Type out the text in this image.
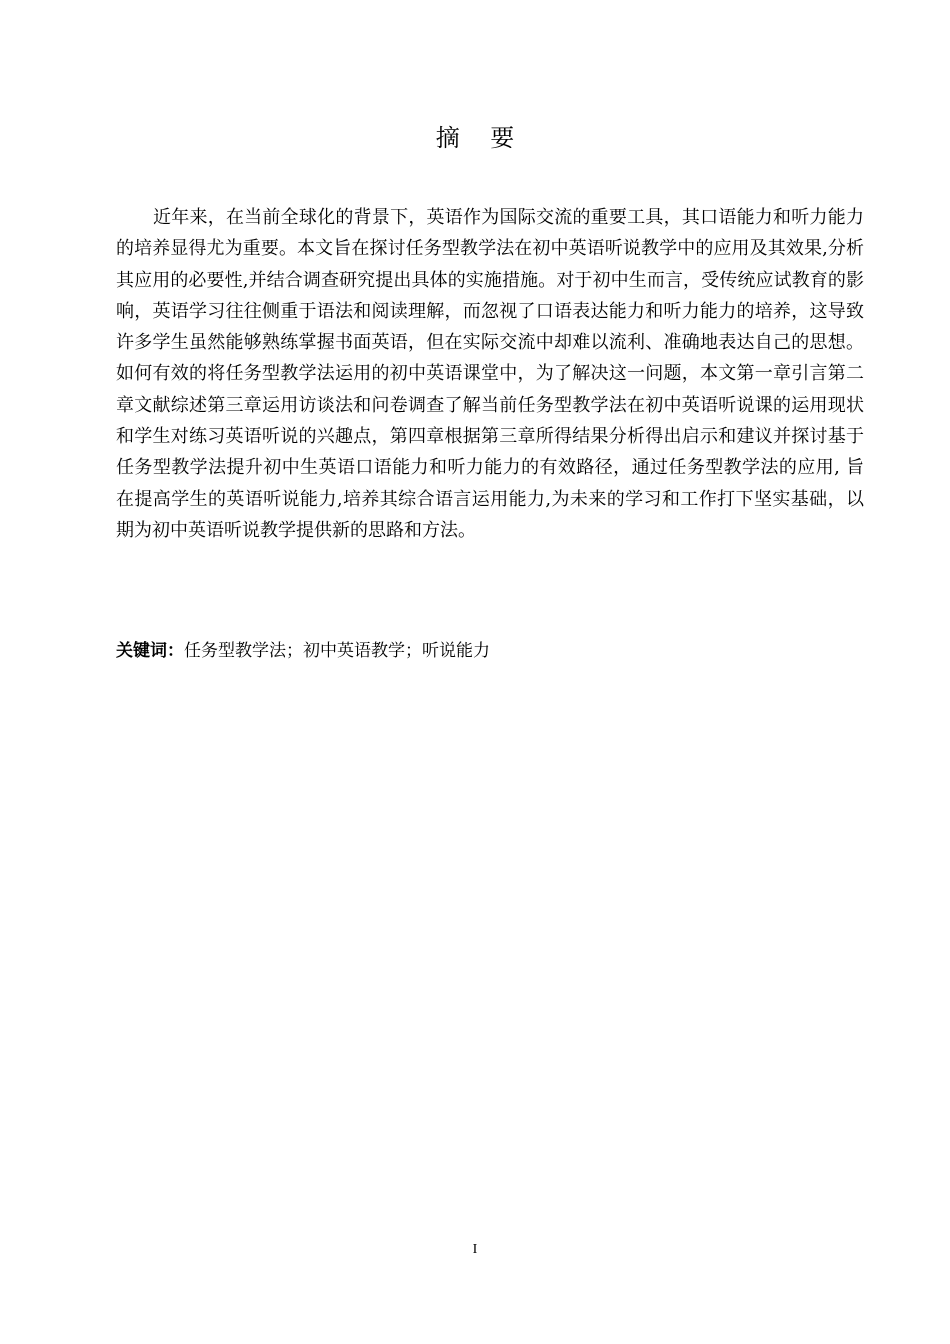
摘    要

近年来，在当前全球化的背景下，英语作为国际交流的重要工具，其口语能力和听力能力的培养显得尤为重要。本文旨在探讨任务型教学法在初中英语听说教学中的应用及其效果,分析其应用的必要性,并结合调查研究提出具体的实施措施。对于初中生而言，受传统应试教育的影响，英语学习往往侧重于语法和阅读理解，而忽视了口语表达能力和听力能力的培养，这导致许多学生虽然能够熟练掌握书面英语，但在实际交流中却难以流利、准确地表达自己的思想。如何有效的将任务型教学法运用的初中英语课堂中，为了解决这一问题，本文第一章引言第二章文献综述第三章运用访谈法和问卷调查了解当前任务型教学法在初中英语听说课的运用现状和学生对练习英语听说的兴趣点，第四章根据第三章所得结果分析得出启示和建议并探讨基于任务型教学法提升初中生英语口语能力和听力能力的有效路径，通过任务型教学法的应用, 旨在提高学生的英语听说能力,培养其综合语言运用能力,为未来的学习和工作打下坚实基础，以期为初中英语听说教学提供新的思路和方法。

关键词：任务型教学法；初中英语教学；听说能力

I
